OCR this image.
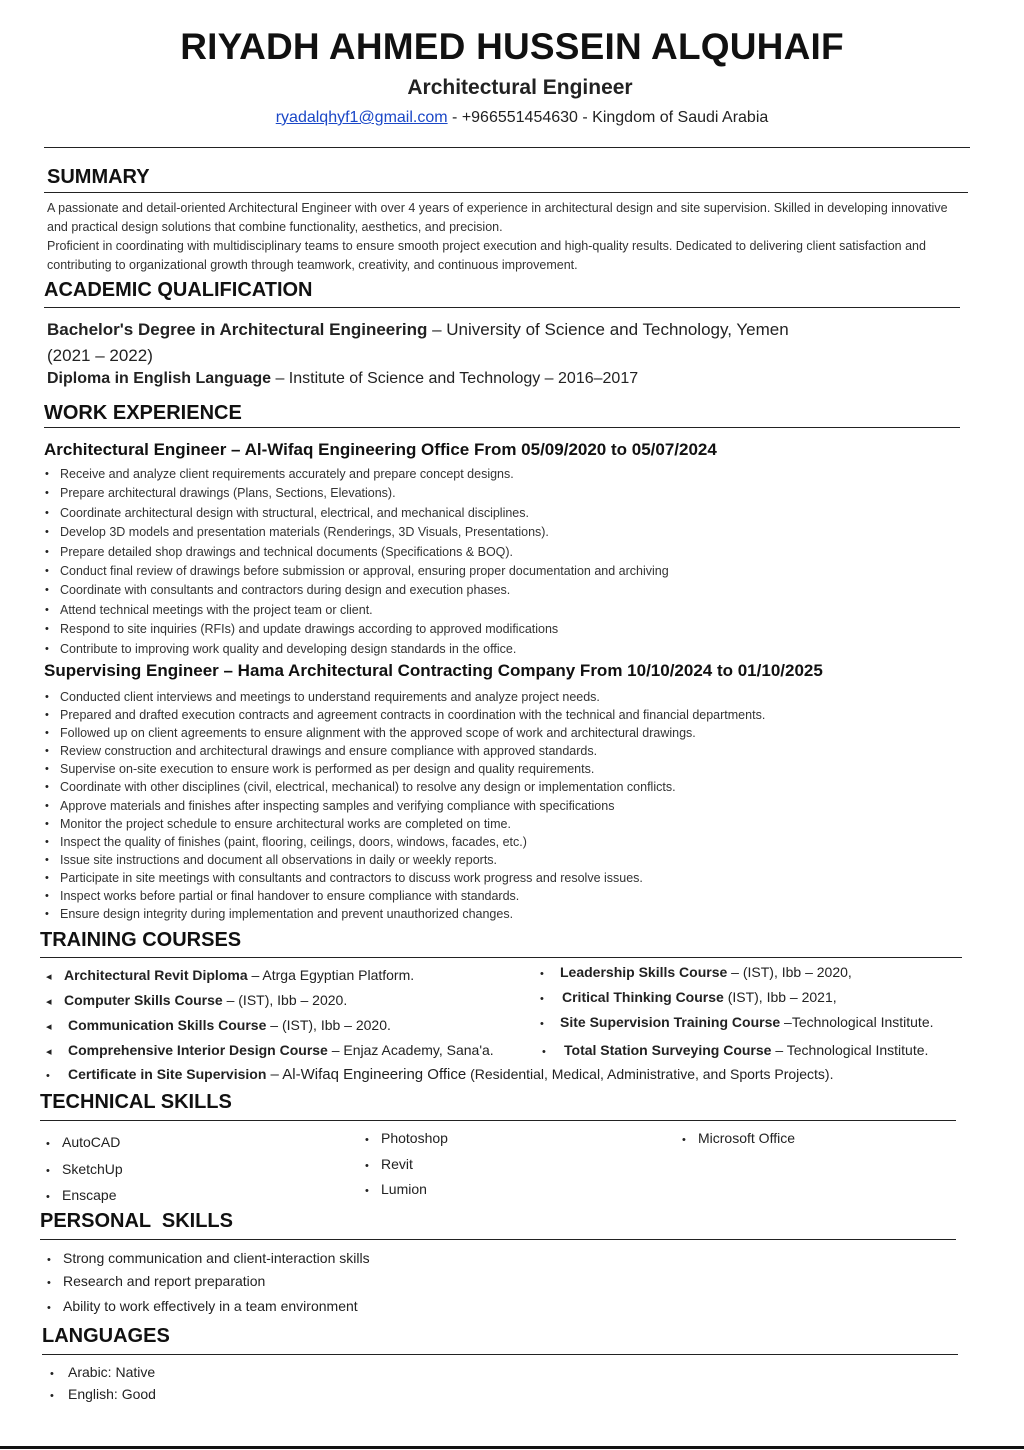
RIYADH AHMED HUSSEIN ALQUHAIF
Architectural Engineer
ryadalqhyf1@gmail.com - +966551454630 - Kingdom of Saudi Arabia
SUMMARY
A passionate and detail-oriented Architectural Engineer with over 4 years of experience in architectural design and site supervision. Skilled in developing innovative and practical design solutions that combine functionality, aesthetics, and precision.
Proficient in coordinating with multidisciplinary teams to ensure smooth project execution and high-quality results. Dedicated to delivering client satisfaction and contributing to organizational growth through teamwork, creativity, and continuous improvement.
ACADEMIC QUALIFICATION
Bachelor's Degree in Architectural Engineering – University of Science and Technology, Yemen
(2021 – 2022)
Diploma in English Language – Institute of Science and Technology – 2016–2017
WORK EXPERIENCE
Architectural Engineer – Al-Wifaq Engineering Office From 05/09/2020 to 05/07/2024
• Receive and analyze client requirements accurately and prepare concept designs.
• Prepare architectural drawings (Plans, Sections, Elevations).
• Coordinate architectural design with structural, electrical, and mechanical disciplines.
• Develop 3D models and presentation materials (Renderings, 3D Visuals, Presentations).
• Prepare detailed shop drawings and technical documents (Specifications & BOQ).
• Conduct final review of drawings before submission or approval, ensuring proper documentation and archiving
• Coordinate with consultants and contractors during design and execution phases.
• Attend technical meetings with the project team or client.
• Respond to site inquiries (RFIs) and update drawings according to approved modifications
• Contribute to improving work quality and developing design standards in the office.
Supervising Engineer – Hama Architectural Contracting Company From 10/10/2024 to 01/10/2025
• Conducted client interviews and meetings to understand requirements and analyze project needs.
• Prepared and drafted execution contracts and agreement contracts in coordination with the technical and financial departments.
• Followed up on client agreements to ensure alignment with the approved scope of work and architectural drawings.
• Review construction and architectural drawings and ensure compliance with approved standards.
• Supervise on-site execution to ensure work is performed as per design and quality requirements.
• Coordinate with other disciplines (civil, electrical, mechanical) to resolve any design or implementation conflicts.
• Approve materials and finishes after inspecting samples and verifying compliance with specifications
• Monitor the project schedule to ensure architectural works are completed on time.
• Inspect the quality of finishes (paint, flooring, ceilings, doors, windows, facades, etc.)
• Issue site instructions and document all observations in daily or weekly reports.
• Participate in site meetings with consultants and contractors to discuss work progress and resolve issues.
• Inspect works before partial or final handover to ensure compliance with standards.
• Ensure design integrity during implementation and prevent unauthorized changes.
TRAINING COURSES
◂ Architectural Revit Diploma – Atrga Egyptian Platform.
◂ Computer Skills Course – (IST), Ibb – 2020.
◂ Communication Skills Course – (IST), Ibb – 2020.
◂ Comprehensive Interior Design Course – Enjaz Academy, Sana'a.
• Leadership Skills Course – (IST), Ibb – 2020,
• Critical Thinking Course (IST), Ibb – 2021,
• Site Supervision Training Course –Technological Institute.
• Total Station Surveying Course – Technological Institute.
• Certificate in Site Supervision – Al-Wifaq Engineering Office (Residential, Medical, Administrative, and Sports Projects).
TECHNICAL SKILLS
• AutoCAD
• SketchUp
• Enscape
• Photoshop
• Revit
• Lumion
• Microsoft Office
PERSONAL  SKILLS
• Strong communication and client-interaction skills
• Research and report preparation
• Ability to work effectively in a team environment
LANGUAGES
• Arabic: Native
• English: Good
